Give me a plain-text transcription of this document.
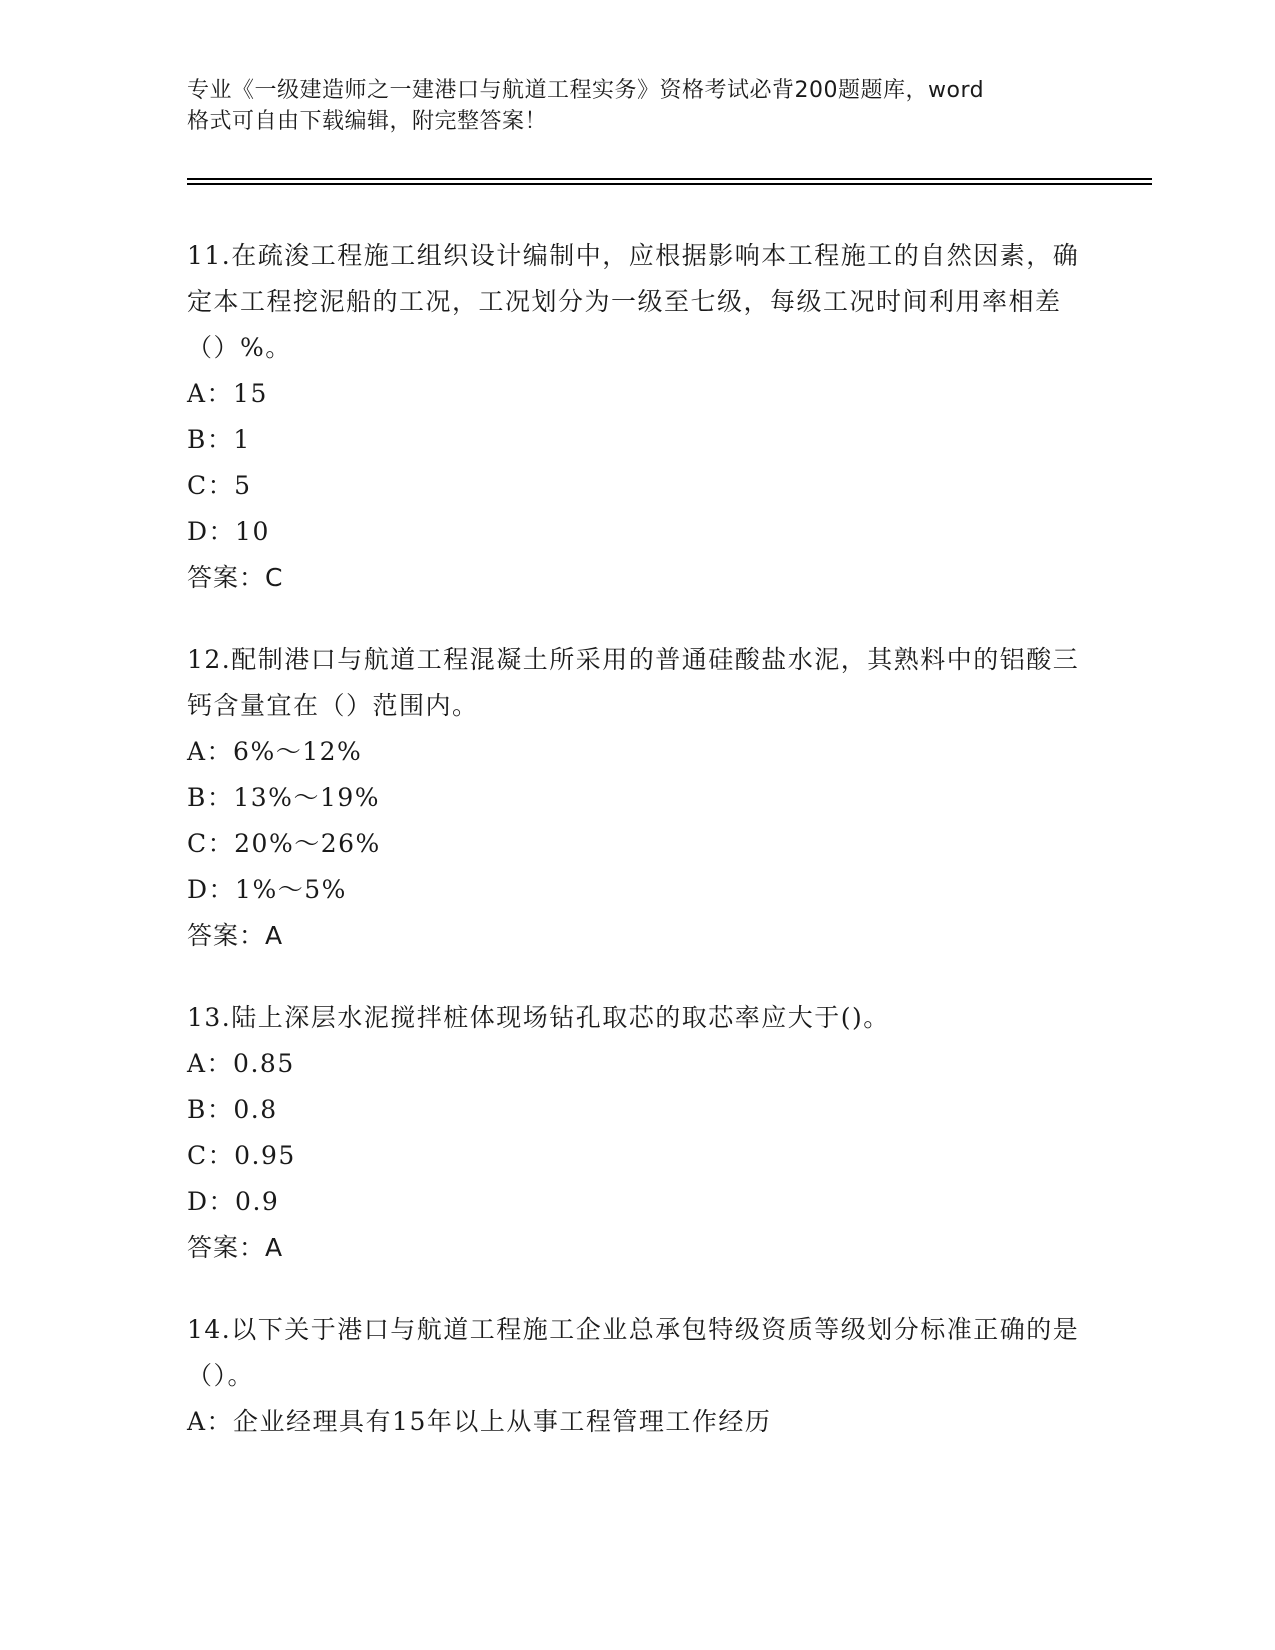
专业《一级建造师之一建港口与航道工程实务》资格考试必背200题题库，word
格式可自由下载编辑，附完整答案！

11.在疏浚工程施工组织设计编制中，应根据影响本工程施工的自然因素，确定本工程挖泥船的工况，工况划分为一级至七级，每级工况时间利用率相差（）%。

A：15

B：1

C：5

D：10

答案：C

12.配制港口与航道工程混凝土所采用的普通硅酸盐水泥，其熟料中的铝酸三钙含量宜在（）范围内。

A：6%～12%

B：13%～19%

C：20%～26%

D：1%～5%

答案：A

13.陆上深层水泥搅拌桩体现场钻孔取芯的取芯率应大于()。

A：0.85

B：0.8

C：0.95

D：0.9

答案：A

14.以下关于港口与航道工程施工企业总承包特级资质等级划分标准正确的是（）。

A：企业经理具有15年以上从事工程管理工作经历
